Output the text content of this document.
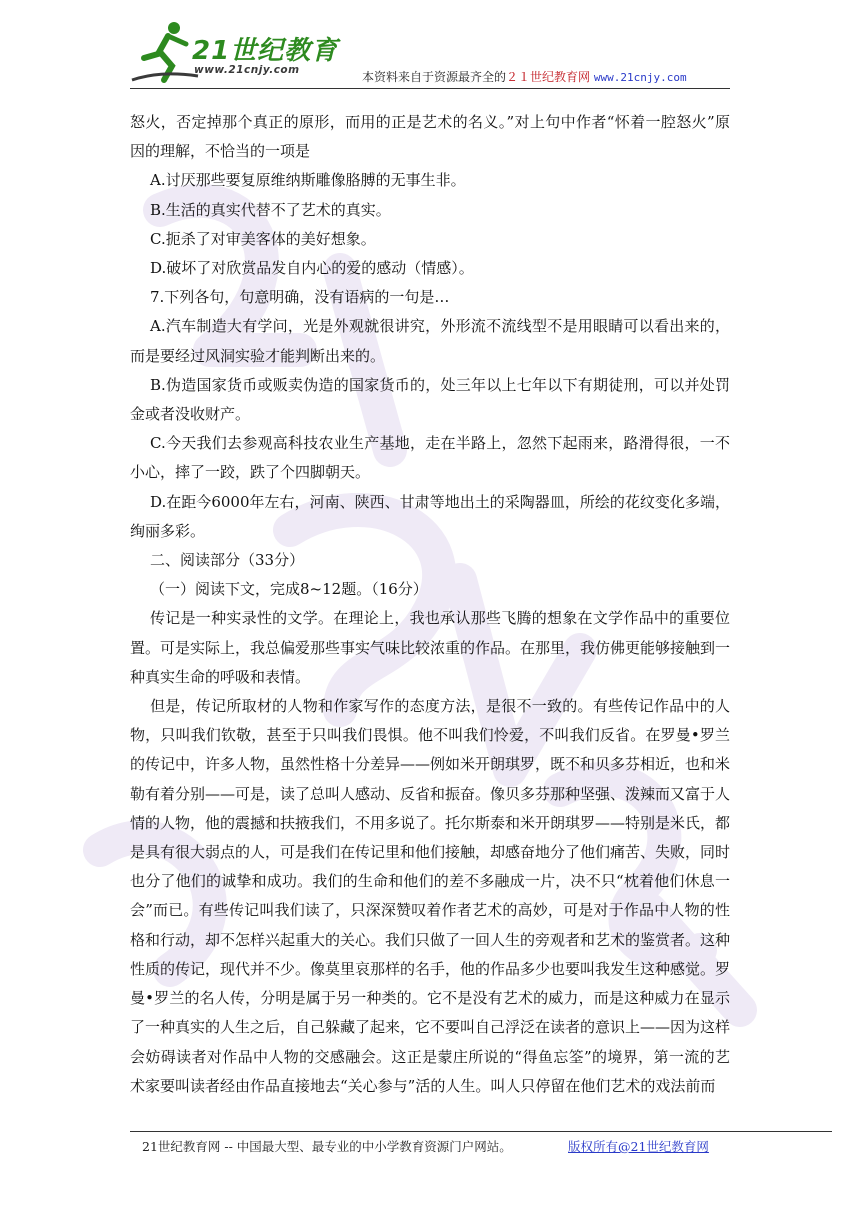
21世纪教育
www.21cnjy.com	本资料来自于资源最齐全的２１世纪教育网 www.21cnjy.com

怒火，否定掉那个真正的原形，而用的正是艺术的名义。”对上句中作者“怀着一腔怒火”原因的理解，不恰当的一项是

A.讨厌那些要复原维纳斯雕像胳膊的无事生非。

B.生活的真实代替不了艺术的真实。

C.扼杀了对审美客体的美好想象。

D.破坏了对欣赏品发自内心的爱的感动（情感）。

7.下列各句，句意明确，没有语病的一句是…

A.汽车制造大有学问，光是外观就很讲究，外形流不流线型不是用眼睛可以看出来的，而是要经过风洞实验才能判断出来的。

B.伪造国家货币或贩卖伪造的国家货币的，处三年以上七年以下有期徒刑，可以并处罚金或者没收财产。

C.今天我们去参观高科技农业生产基地，走在半路上，忽然下起雨来，路滑得很，一不小心，摔了一跤，跌了个四脚朝天。

D.在距今6000年左右，河南、陕西、甘肃等地出土的采陶器皿，所绘的花纹变化多端，绚丽多彩。

二、阅读部分（33分）

（一）阅读下文，完成8~12题。（16分）

传记是一种实录性的文学。在理论上，我也承认那些飞腾的想象在文学作品中的重要位置。可是实际上，我总偏爱那些事实气味比较浓重的作品。在那里，我仿佛更能够接触到一种真实生命的呼吸和表情。

但是，传记所取材的人物和作家写作的态度方法，是很不一致的。有些传记作品中的人物，只叫我们钦敬，甚至于只叫我们畏惧。他不叫我们怜爱，不叫我们反省。在罗曼•罗兰的传记中，许多人物，虽然性格十分差异——例如米开朗琪罗，既不和贝多芬相近，也和米勒有着分别——可是，读了总叫人感动、反省和振奋。像贝多芬那种坚强、泼辣而又富于人情的人物，他的震撼和扶掖我们，不用多说了。托尔斯泰和米开朗琪罗——特别是米氏，都是具有很大弱点的人，可是我们在传记里和他们接触，却感奋地分了他们痛苦、失败，同时也分了他们的诚挚和成功。我们的生命和他们的差不多融成一片，决不只“枕着他们休息一会”而已。有些传记叫我们读了，只深深赞叹着作者艺术的高妙，可是对于作品中人物的性格和行动，却不怎样兴起重大的关心。我们只做了一回人生的旁观者和艺术的鉴赏者。这种性质的传记，现代并不少。像莫里哀那样的名手，他的作品多少也要叫我发生这种感觉。罗曼•罗兰的名人传，分明是属于另一种类的。它不是没有艺术的威力，而是这种威力在显示了一种真实的人生之后，自己躲藏了起来，它不要叫自己浮泛在读者的意识上——因为这样会妨碍读者对作品中人物的交感融会。这正是蒙庄所说的“得鱼忘筌”的境界，第一流的艺术家要叫读者经由作品直接地去“关心参与”活的人生。叫人只停留在他们艺术的戏法前而

21世纪教育网 -- 中国最大型、最专业的中小学教育资源门户网站。	版权所有@21世纪教育网
